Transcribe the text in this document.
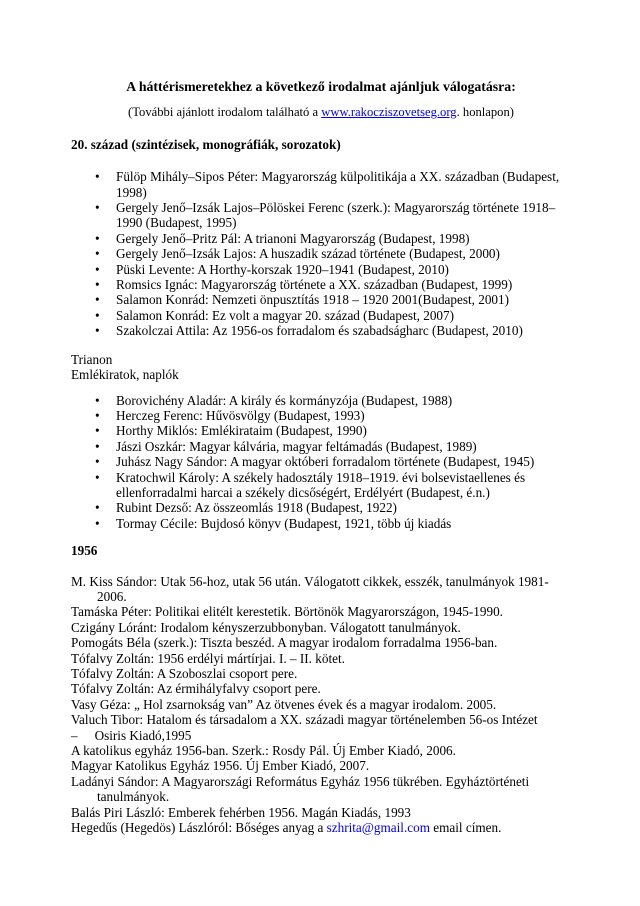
A háttérismeretekhez a következő irodalmat ajánljuk válogatásra:

(További ajánlott irodalom található a www.rakocziszovetseg.org. honlapon)

20. század (szintézisek, monográfiák, sorozatok)

• Fülöp Mihály–Sipos Péter: Magyarország külpolitikája a XX. században (Budapest, 1998)
• Gergely Jenő–Izsák Lajos–Pölöskei Ferenc (szerk.): Magyarország története 1918–1990 (Budapest, 1995)
• Gergely Jenő–Pritz Pál: A trianoni Magyarország (Budapest, 1998)
• Gergely Jenő–Izsák Lajos: A huszadik század története (Budapest, 2000)
• Püski Levente: A Horthy-korszak 1920–1941 (Budapest, 2010)
• Romsics Ignác: Magyarország története a XX. században (Budapest, 1999)
• Salamon Konrád: Nemzeti önpusztítás 1918 – 1920 2001(Budapest, 2001)
• Salamon Konrád: Ez volt a magyar 20. század (Budapest, 2007)
• Szakolczai Attila: Az 1956-os forradalom és szabadságharc (Budapest, 2010)

Trianon

Emlékiratok, naplók

• Borovichény Aladár: A király és kormányzója (Budapest, 1988)
• Herczeg Ferenc: Hűvösvölgy (Budapest, 1993)
• Horthy Miklós: Emlékirataim (Budapest, 1990)
• Jászi Oszkár: Magyar kálvária, magyar feltámadás (Budapest, 1989)
• Juhász Nagy Sándor: A magyar októberi forradalom története (Budapest, 1945)
• Kratochwil Károly: A székely hadosztály 1918–1919. évi bolsevistaellenes és ellenforradalmi harcai a székely dicsőségért, Erdélyért (Budapest, é.n.)
• Rubint Dezső: Az összeomlás 1918 (Budapest, 1922)
• Tormay Cécile: Bujdosó könyv (Budapest, 1921, több új kiadás

1956

M. Kiss Sándor: Utak 56-hoz, utak 56 után. Válogatott cikkek, esszék, tanulmányok 1981-2006.

Tamáska Péter: Politikai elitélt kerestetik. Börtönök Magyarországon, 1945-1990.

Czigány Lóránt: Irodalom kényszerzubbonyban. Válogatott tanulmányok.

Pomogáts Béla (szerk.): Tiszta beszéd. A magyar irodalom forradalma 1956-ban.

Tófalvy Zoltán: 1956 erdélyi mártírjai. I. – II. kötet.

Tófalvy Zoltán: A Szoboszlai csoport pere.

Tófalvy Zoltán: Az érmihályfalvy csoport pere.

Vasy Géza: „ Hol zsarnokság van” Az ötvenes évek és a magyar irodalom. 2005.

Valuch Tibor: Hatalom és társadalom a XX. századi magyar történelemben 56-os Intézet

– Osiris Kiadó,1995

A katolikus egyház 1956-ban. Szerk.: Rosdy Pál. Új Ember Kiadó, 2006.

Magyar Katolikus Egyház 1956. Új Ember Kiadó, 2007.

Ladányi Sándor: A Magyarországi Református Egyház 1956 tükrében. Egyháztörténeti tanulmányok.

Balás Piri László: Emberek fehérben 1956. Magán Kiadás, 1993

Hegedűs (Hegedös) Lászlóról: Bőséges anyag a szhrita@gmail.com email címen.
